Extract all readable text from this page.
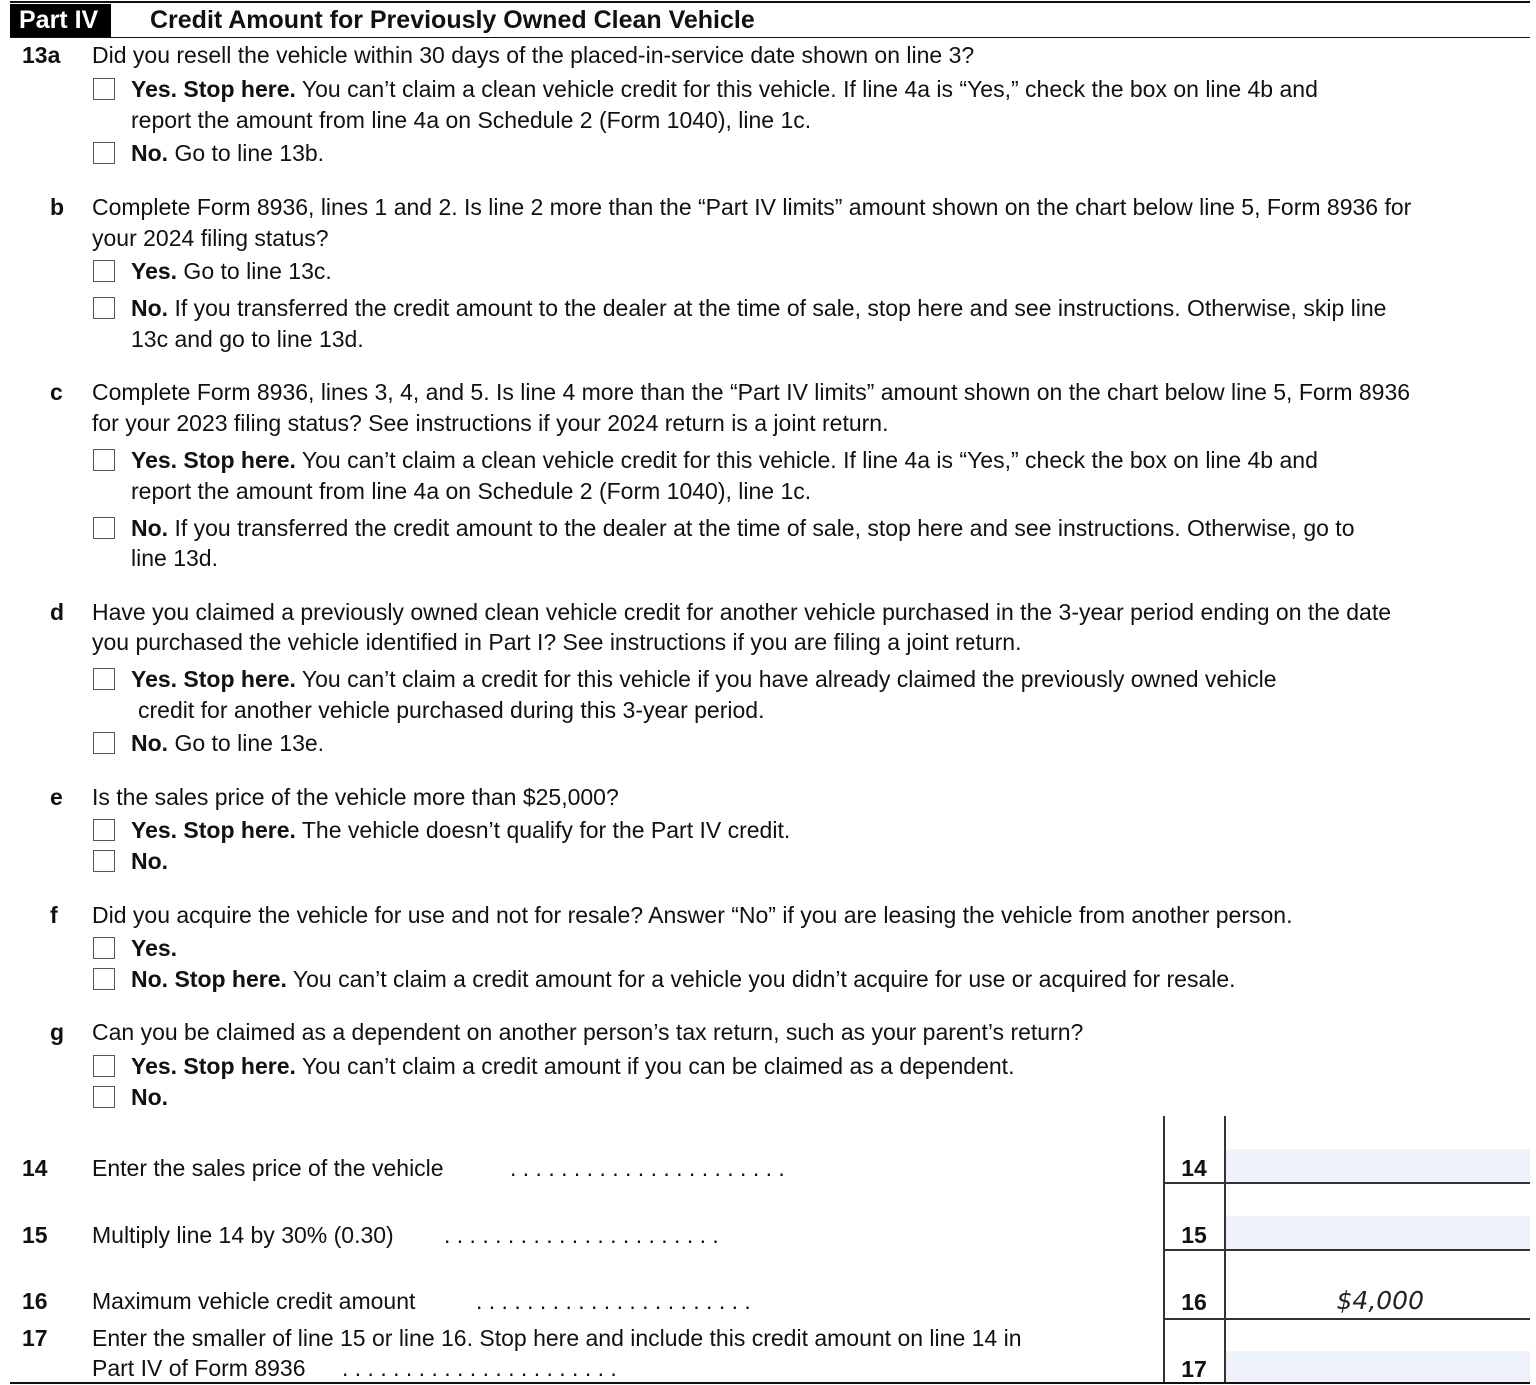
Part IV	Credit Amount for Previously Owned Clean Vehicle
13a Did you resell the vehicle within 30 days of the placed-in-service date shown on line 3?
Yes. Stop here. You can’t claim a clean vehicle credit for this vehicle. If line 4a is “Yes,” check the box on line 4b and
report the amount from line 4a on Schedule 2 (Form 1040), line 1c.
No. Go to line 13b.
b Complete Form 8936, lines 1 and 2. Is line 2 more than the “Part IV limits” amount shown on the chart below line 5, Form 8936 for
your 2024 filing status?
Yes. Go to line 13c.
No. If you transferred the credit amount to the dealer at the time of sale, stop here and see instructions. Otherwise, skip line
13c and go to line 13d.
c Complete Form 8936, lines 3, 4, and 5. Is line 4 more than the “Part IV limits” amount shown on the chart below line 5, Form 8936
for your 2023 filing status? See instructions if your 2024 return is a joint return.
Yes. Stop here. You can’t claim a clean vehicle credit for this vehicle. If line 4a is “Yes,” check the box on line 4b and
report the amount from line 4a on Schedule 2 (Form 1040), line 1c.
No. If you transferred the credit amount to the dealer at the time of sale, stop here and see instructions. Otherwise, go to
line 13d.
d Have you claimed a previously owned clean vehicle credit for another vehicle purchased in the 3-year period ending on the date
you purchased the vehicle identified in Part I? See instructions if you are filing a joint return.
Yes. Stop here. You can’t claim a credit for this vehicle if you have already claimed the previously owned vehicle
credit for another vehicle purchased during this 3-year period.
No. Go to line 13e.
e Is the sales price of the vehicle more than $25,000?
Yes. Stop here. The vehicle doesn’t qualify for the Part IV credit.
No.
f Did you acquire the vehicle for use and not for resale? Answer “No” if you are leasing the vehicle from another person.
Yes.
No. Stop here. You can’t claim a credit amount for a vehicle you didn’t acquire for use or acquired for resale.
g Can you be claimed as a dependent on another person’s tax return, such as your parent’s return?
Yes. Stop here. You can’t claim a credit amount if you can be claimed as a dependent.
No.
14 Enter the sales price of the vehicle	. . . . . . . . . . . . . . . . . . . . . .	14
15 Multiply line 14 by 30% (0.30) . . . . . . . . . . . . . . . . . . . . . .	15
16 Maximum vehicle credit amount	. . . . . . . . . . . . . . . . . . . . . .	16	$4,000
17 Enter the smaller of line 15 or line 16. Stop here and include this credit amount on line 14 in
Part IV of Form 8936 . . . . . . . . . . . . . . . . . . . . . .	17
